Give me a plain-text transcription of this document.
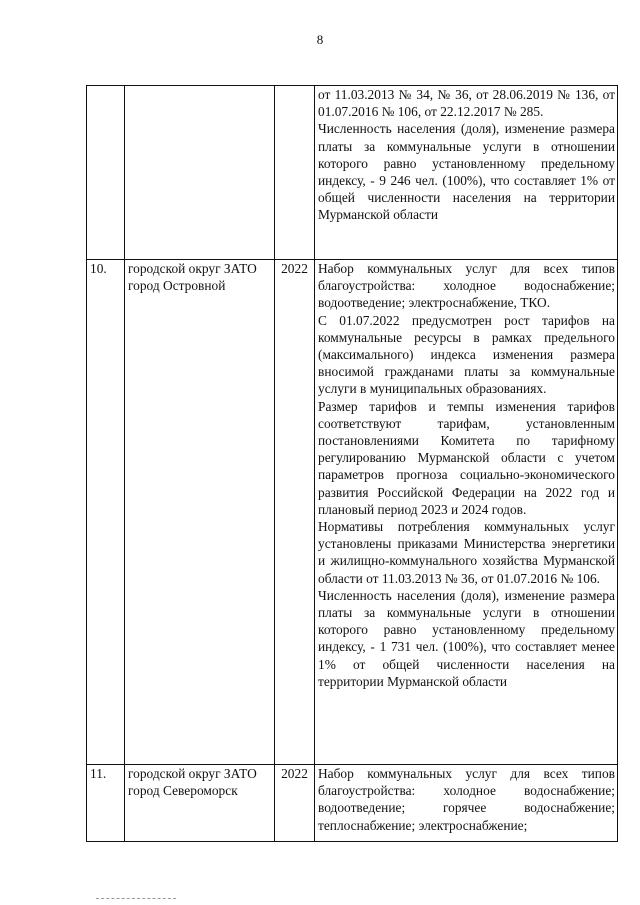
8

			от 11.03.2013 № 34, № 36, от 28.06.2019 № 136, от 01.07.2016 № 106, от 22.12.2017 № 285.
Численность населения (доля), изменение размера платы за коммунальные услуги в отношении которого равно установленному предельному индексу, - 9 246 чел. (100%), что составляет 1% от общей численности населения на территории Мурманской области

10.	городской округ ЗАТО город Островной	2022	Набор коммунальных услуг для всех типов благоустройства: холодное водоснабжение; водоотведение; электроснабжение, ТКО.
С 01.07.2022 предусмотрен рост тарифов на коммунальные ресурсы в рамках предельного (максимального) индекса изменения размера вносимой гражданами платы за коммунальные услуги в муниципальных образованиях.
Размер тарифов и темпы изменения тарифов соответствуют тарифам, установленным постановлениями Комитета по тарифному регулированию Мурманской области с учетом параметров прогноза социально-экономического развития Российской Федерации на 2022 год и плановый период 2023 и 2024 годов.
Нормативы потребления коммунальных услуг установлены приказами Министерства энергетики и жилищно-коммунального хозяйства Мурманской области от 11.03.2013 № 36, от 01.07.2016 № 106.
Численность населения (доля), изменение размера платы за коммунальные услуги в отношении которого равно установленному предельному индексу, - 1 731 чел. (100%), что составляет менее 1% от общей численности населения на территории Мурманской области

11.	городской округ ЗАТО город Североморск	2022	Набор коммунальных услуг для всех типов благоустройства: холодное водоснабжение; водоотведение; горячее водоснабжение; теплоснабжение; электроснабжение;
